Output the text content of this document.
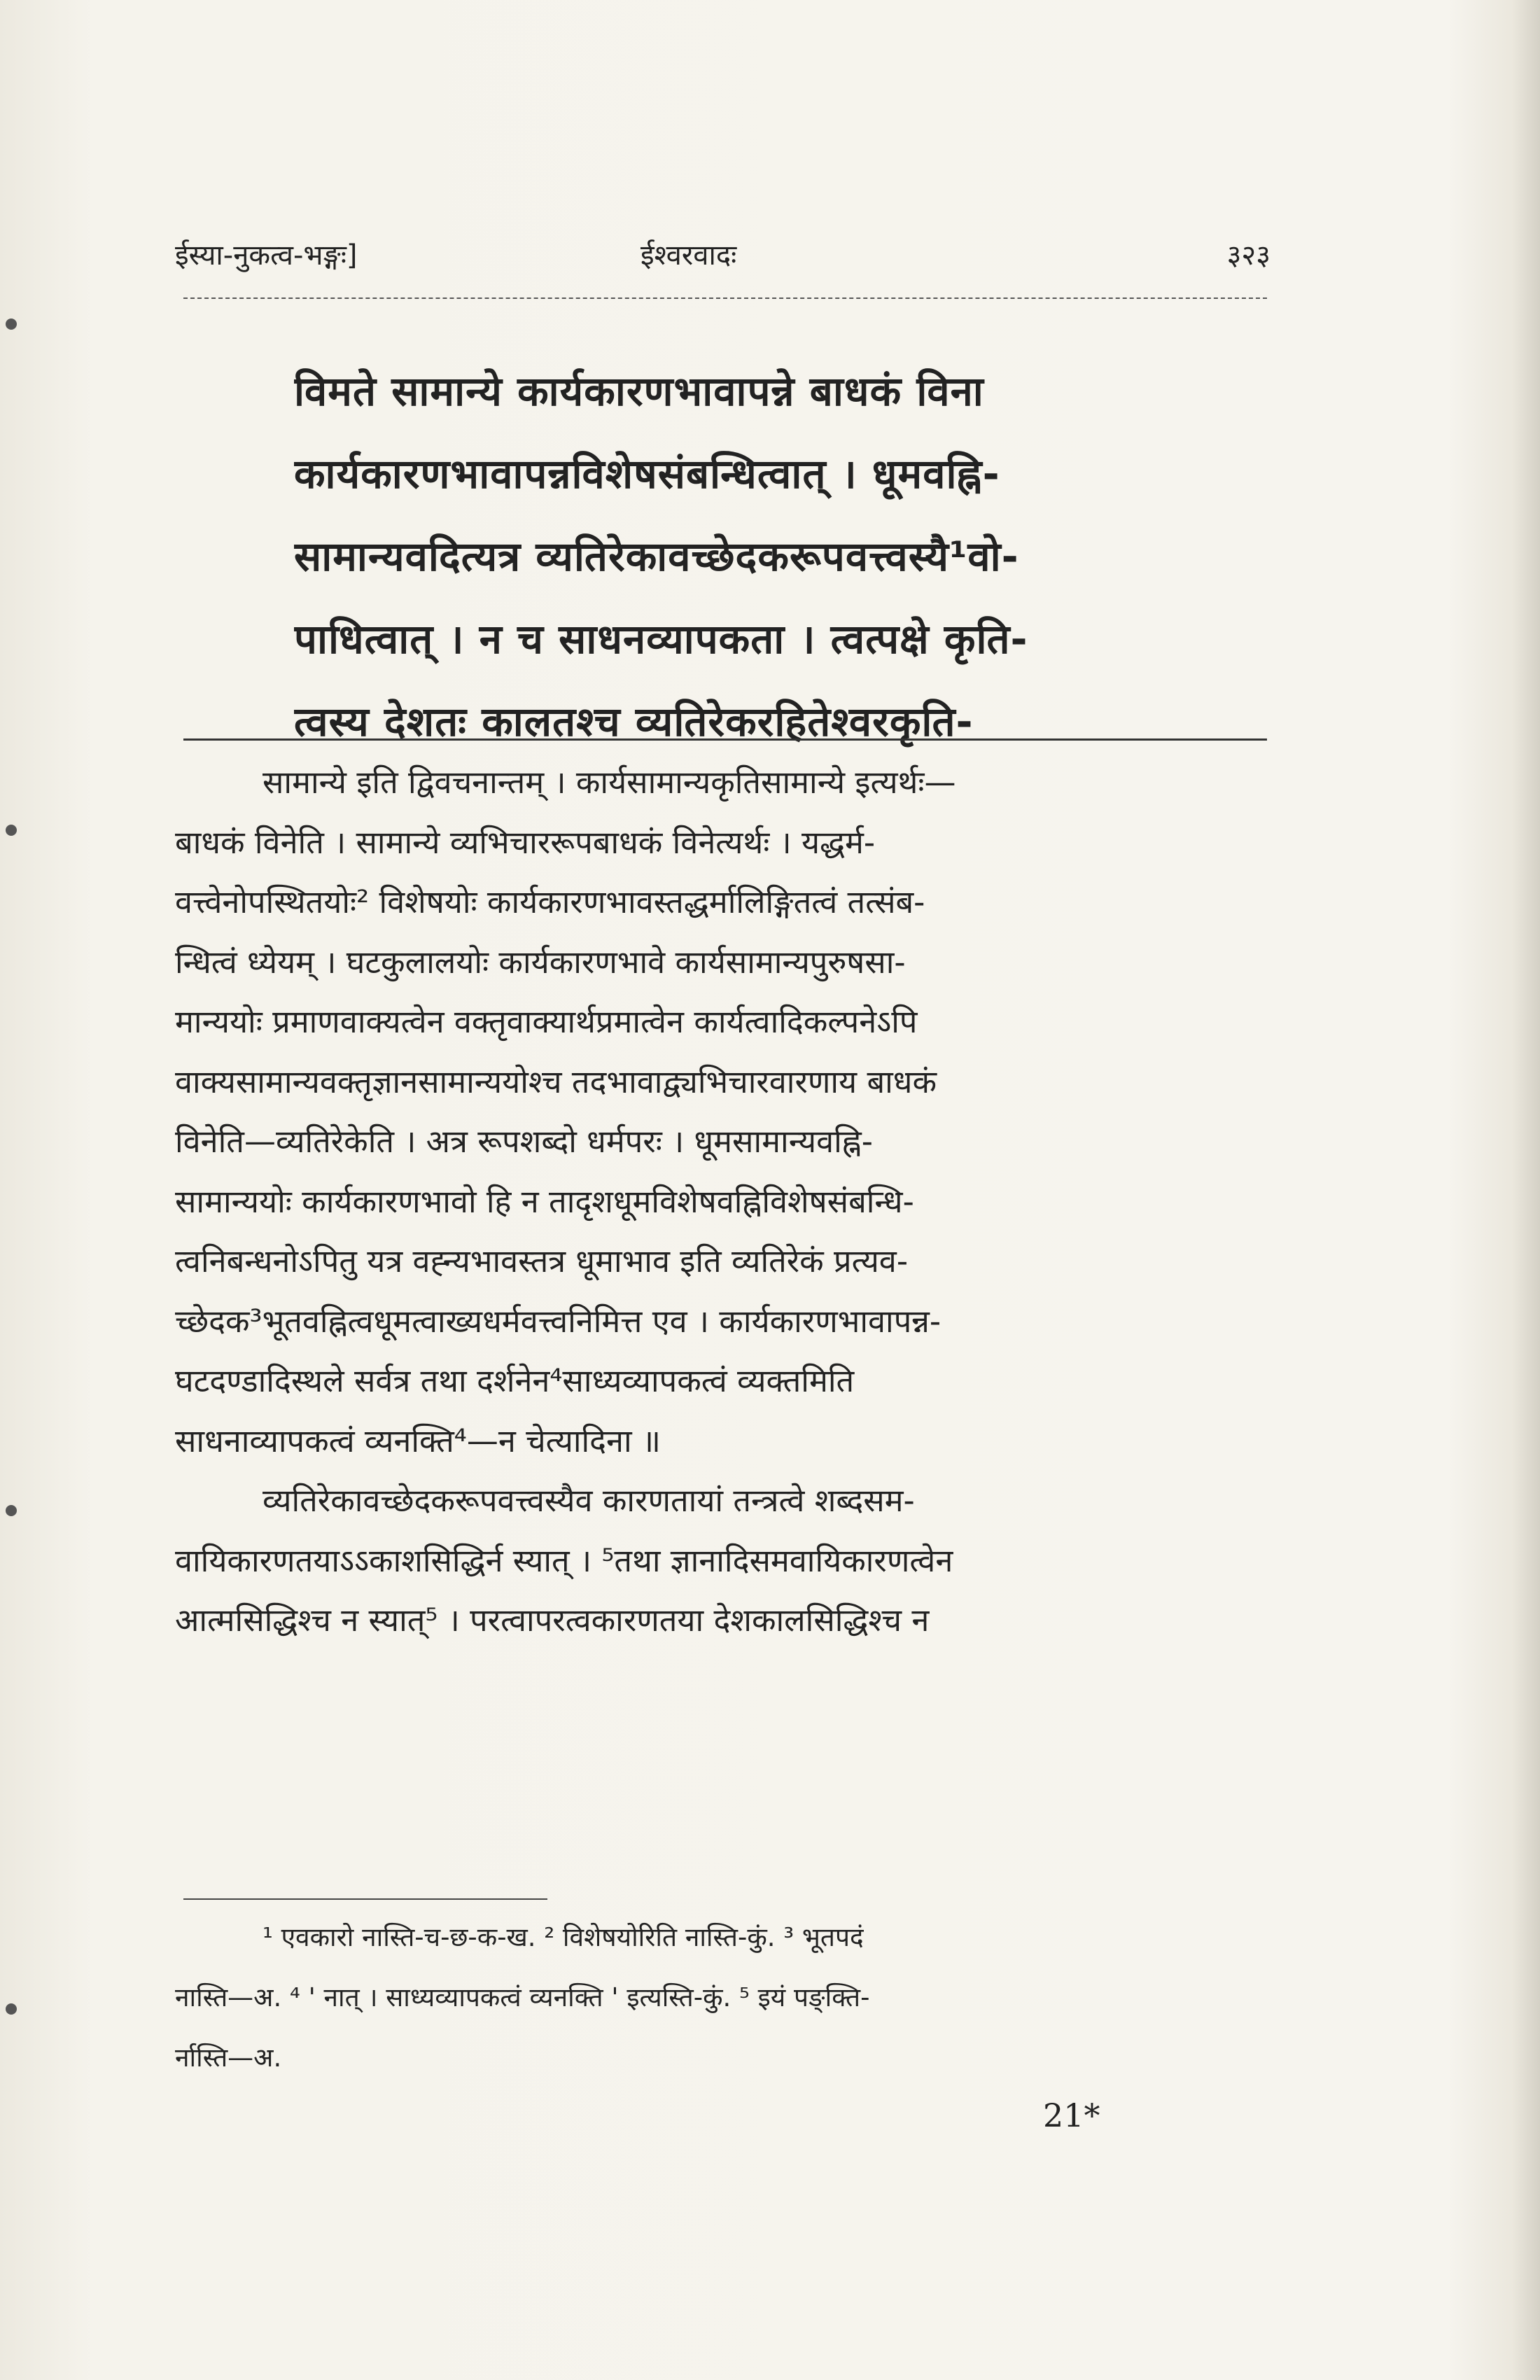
ईस्या-नुकत्व-भङ्गः]	ईश्वरवादः	३२३
विमते सामान्ये कार्यकारणभावापन्ने बाधकं विना
कार्यकारणभावापन्नविशेषसंबन्धित्वात् । धूमवह्नि-
सामान्यवदित्यत्र व्यतिरेकावच्छेदकरूपवत्त्वस्यै¹वो-
पाधित्वात् । न च साधनव्यापकता । त्वत्पक्षे कृति-
त्वस्य देशतः कालतश्च व्यतिरेकरहितेश्वरकृति-
सामान्ये इति द्विवचनान्तम् । कार्यसामान्यकृतिसामान्ये इत्यर्थः—
बाधकं विनेति । सामान्ये व्यभिचाररूपबाधकं विनेत्यर्थः । यद्धर्म-
वत्त्वेनोपस्थितयोः² विशेषयोः कार्यकारणभावस्तद्धर्मालिङ्गितत्वं तत्संब-
न्धित्वं ध्येयम् । घटकुलालयोः कार्यकारणभावे कार्यसामान्यपुरुषसा-
मान्ययोः प्रमाणवाक्यत्वेन वक्तृवाक्यार्थप्रमात्वेन कार्यत्वादिकल्पनेऽपि
वाक्यसामान्यवक्तृज्ञानसामान्ययोश्च तदभावाद्व्यभिचारवारणाय बाधकं
विनेति—व्यतिरेकेति । अत्र रूपशब्दो धर्मपरः । धूमसामान्यवह्नि-
सामान्ययोः कार्यकारणभावो हि न तादृशधूमविशेषवह्निविशेषसंबन्धि-
त्वनिबन्धनोऽपितु यत्र वह्न्यभावस्तत्र धूमाभाव इति व्यतिरेकं प्रत्यव-
च्छेदक³भूतवह्नित्वधूमत्वाख्यधर्मवत्त्वनिमित्त एव । कार्यकारणभावापन्न-
घटदण्डादिस्थले सर्वत्र तथा दर्शनेन⁴साध्यव्यापकत्वं व्यक्तमिति
साधनाव्यापकत्वं व्यनक्ति⁴—न चेत्यादिना ॥
व्यतिरेकावच्छेदकरूपवत्त्वस्यैव कारणतायां तन्त्रत्वे शब्दसम-
वायिकारणतयाऽऽकाशसिद्धिर्न स्यात् । ⁵तथा ज्ञानादिसमवायिकारणत्वेन
आत्मसिद्धिश्च न स्यात्⁵ । परत्वापरत्वकारणतया देशकालसिद्धिश्च न
¹ एवकारो नास्ति-च-छ-क-ख. ² विशेषयोरिति नास्ति-कुं. ³ भूतपदं
नास्ति—अ. ⁴ ' नात् । साध्यव्यापकत्वं व्यनक्ति ' इत्यस्ति-कुं. ⁵ इयं पङ्क्ति-
र्नास्ति—अ.
21*
